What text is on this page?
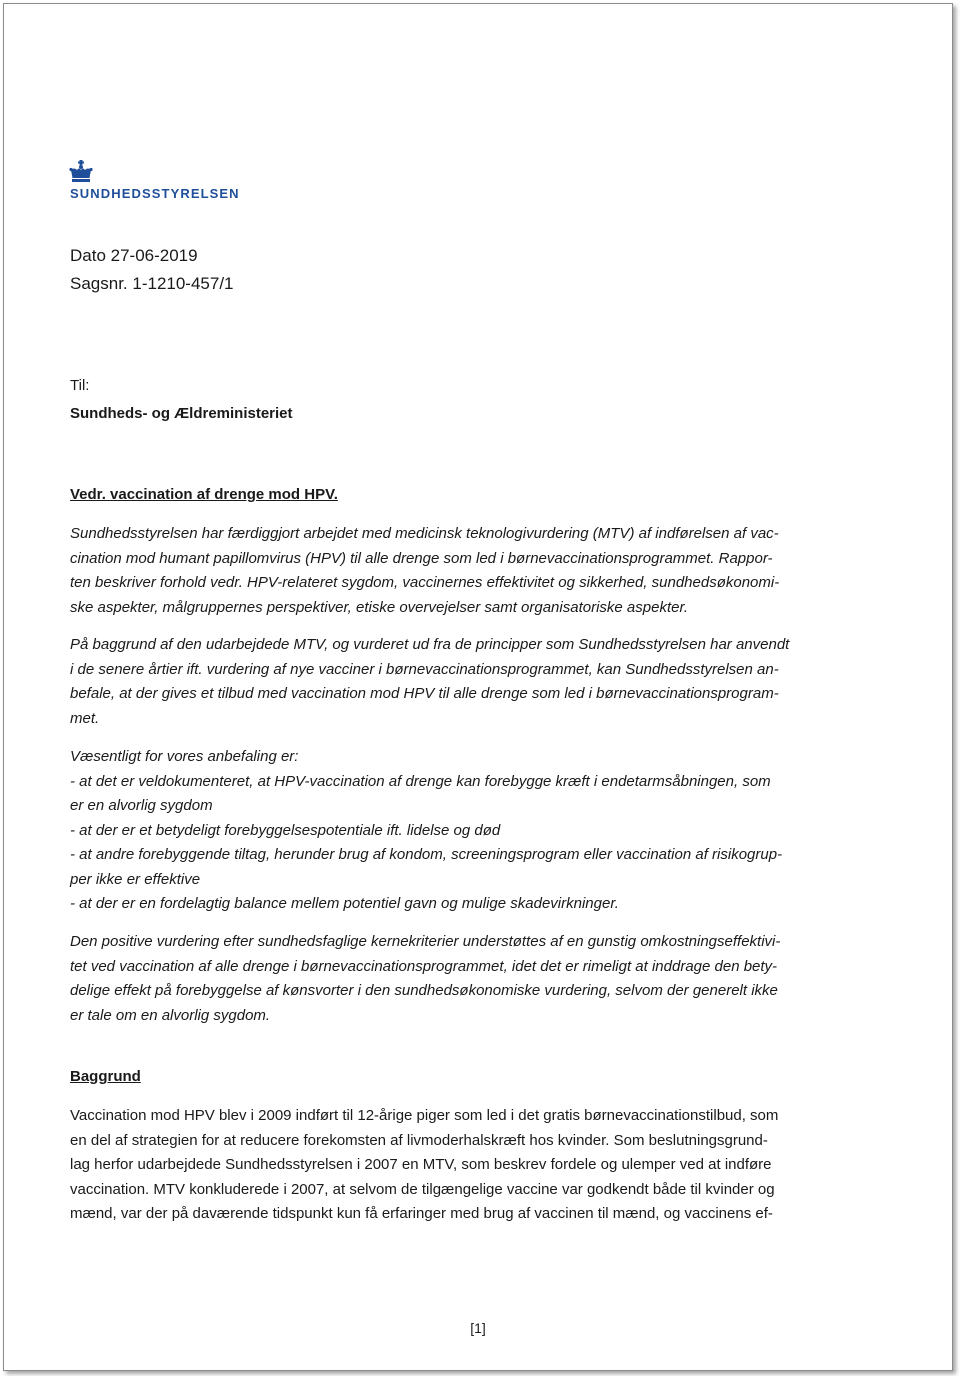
SUNDHEDSSTYRELSEN
Dato 27-06-2019
Sagsnr. 1-1210-457/1
Til:
Sundheds- og Ældreministeriet
Vedr. vaccination af drenge mod HPV.
Sundhedsstyrelsen har færdiggjort arbejdet med medicinsk teknologivurdering (MTV) af indførelsen af vac-
cination mod humant papillomvirus (HPV) til alle drenge som led i børnevaccinationsprogrammet. Rappor-
ten beskriver forhold vedr. HPV-relateret sygdom, vaccinernes effektivitet og sikkerhed, sundhedsøkonomi-
ske aspekter, målgruppernes perspektiver, etiske overvejelser samt organisatoriske aspekter.
På baggrund af den udarbejdede MTV, og vurderet ud fra de principper som Sundhedsstyrelsen har anvendt
i de senere årtier ift. vurdering af nye vacciner i børnevaccinationsprogrammet, kan Sundhedsstyrelsen an-
befale, at der gives et tilbud med vaccination mod HPV til alle drenge som led i børnevaccinationsprogram-
met.
Væsentligt for vores anbefaling er:
- at det er veldokumenteret, at HPV-vaccination af drenge kan forebygge kræft i endetarmsåbningen, som
er en alvorlig sygdom
- at der er et betydeligt forebyggelsespotentiale ift. lidelse og død
- at andre forebyggende tiltag, herunder brug af kondom, screeningsprogram eller vaccination af risikogrup-
per ikke er effektive
- at der er en fordelagtig balance mellem potentiel gavn og mulige skadevirkninger.
Den positive vurdering efter sundhedsfaglige kernekriterier understøttes af en gunstig omkostningseffektivi-
tet ved vaccination af alle drenge i børnevaccinationsprogrammet, idet det er rimeligt at inddrage den bety-
delige effekt på forebyggelse af kønsvorter i den sundhedsøkonomiske vurdering, selvom der generelt ikke
er tale om en alvorlig sygdom.
Baggrund
Vaccination mod HPV blev i 2009 indført til 12-årige piger som led i det gratis børnevaccinationstilbud, som
en del af strategien for at reducere forekomsten af livmoderhalskræft hos kvinder. Som beslutningsgrund-
lag herfor udarbejdede Sundhedsstyrelsen i 2007 en MTV, som beskrev fordele og ulemper ved at indføre
vaccination. MTV konkluderede i 2007, at selvom de tilgængelige vaccine var godkendt både til kvinder og
mænd, var der på daværende tidspunkt kun få erfaringer med brug af vaccinen til mænd, og vaccinens ef-
[1]
